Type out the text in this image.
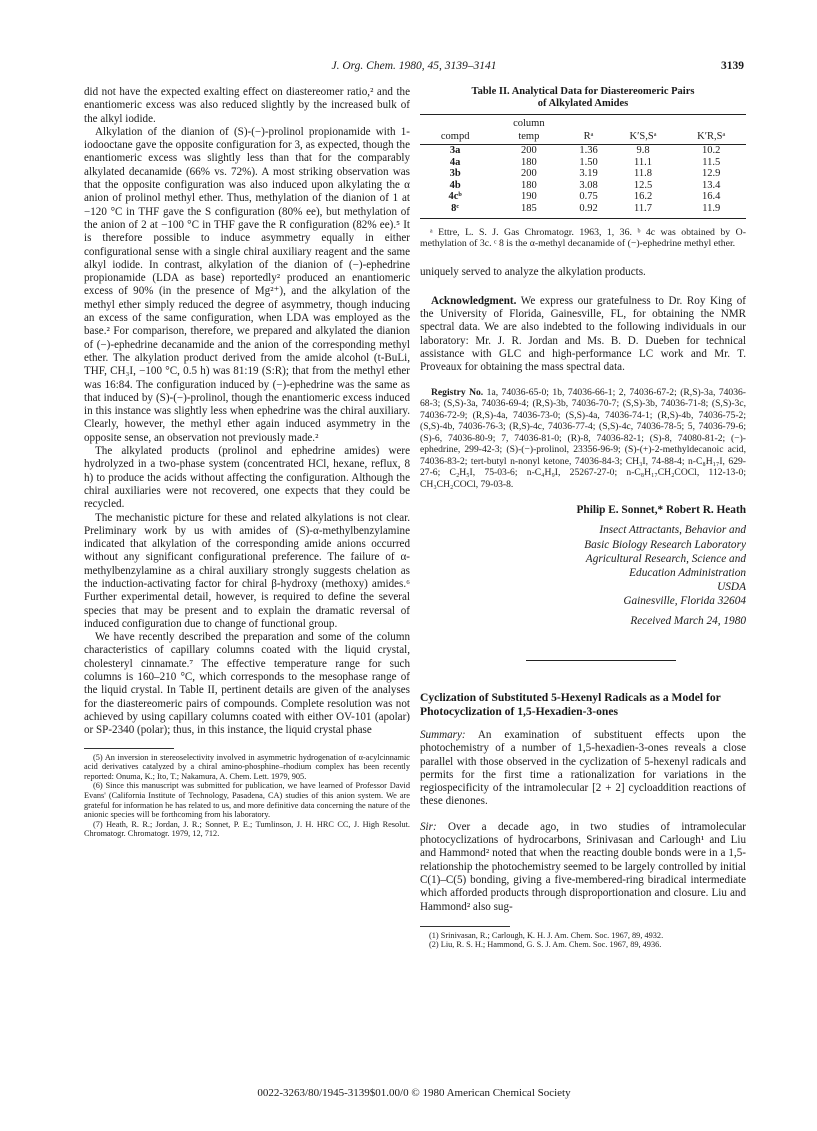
J. Org. Chem. 1980, 45, 3139–3141	3139

did not have the expected exalting effect on diastereomer ratio,² and the enantiomeric excess was also reduced slightly by the increased bulk of the alkyl iodide.

Alkylation of the dianion of (S)-(−)-prolinol propionamide with 1-iodooctane gave the opposite configuration for 3, as expected, though the enantiomeric excess was slightly less than that for the comparably alkylated decanamide (66% vs. 72%). A most striking observation was that the opposite configuration was also induced upon alkylating the α anion of prolinol methyl ether. Thus, methylation of the dianion of 1 at −120 °C in THF gave the S configuration (80% ee), but methylation of the anion of 2 at −100 °C in THF gave the R configuration (82% ee).⁵ It is therefore possible to induce asymmetry equally in either configurational sense with a single chiral auxiliary reagent and the same alkyl iodide. In contrast, alkylation of the dianion of (−)-ephedrine propionamide (LDA as base) reportedly² produced an enantiomeric excess of 90% (in the presence of Mg²⁺), and the alkylation of the methyl ether simply reduced the degree of asymmetry, though inducing an excess of the same configuration, when LDA was employed as the base.² For comparison, therefore, we prepared and alkylated the dianion of (−)-ephedrine decanamide and the anion of the corresponding methyl ether. The alkylation product derived from the amide alcohol (t-BuLi, THF, CH₃I, −100 °C, 0.5 h) was 81:19 (S:R); that from the methyl ether was 16:84. The configuration induced by (−)-ephedrine was the same as that induced by (S)-(−)-prolinol, though the enantiomeric excess induced in this instance was slightly less when ephedrine was the chiral auxiliary. Clearly, however, the methyl ether again induced asymmetry in the opposite sense, an observation not previously made.²

The alkylated products (prolinol and ephedrine amides) were hydrolyzed in a two-phase system (concentrated HCl, hexane, reflux, 8 h) to produce the acids without affecting the configuration. Although the chiral auxiliaries were not recovered, one expects that they could be recycled.

The mechanistic picture for these and related alkylations is not clear. Preliminary work by us with amides of (S)-α-methylbenzylamine indicated that alkylation of the corresponding amide anions occurred without any significant configurational preference. The failure of α-methylbenzylamine as a chiral auxiliary strongly suggests chelation as the induction-activating factor for chiral β-hydroxy (methoxy) amides.⁶ Further experimental detail, however, is required to define the several species that may be present and to explain the dramatic reversal of induced configuration due to change of functional group.

We have recently described the preparation and some of the column characteristics of capillary columns coated with the liquid crystal, cholesteryl cinnamate.⁷ The effective temperature range for such columns is 160–210 °C, which corresponds to the mesophase range of the liquid crystal. In Table II, pertinent details are given of the analyses for the diastereomeric pairs of compounds. Complete resolution was not achieved by using capillary columns coated with either OV-101 (apolar) or SP-2340 (polar); thus, in this instance, the liquid crystal phase

(5) An inversion in stereoselectivity involved in asymmetric hydrogenation of α-acylcinnamic acid derivatives catalyzed by a chiral amino-phosphine–rhodium complex has been recently reported: Onuma, K.; Ito, T.; Nakamura, A. Chem. Lett. 1979, 905.

(6) Since this manuscript was submitted for publication, we have learned of Professor David Evans' (California Institute of Technology, Pasadena, CA) studies of this anion system. We are grateful for information he has related to us, and more definitive data concerning the nature of the anionic species will be forthcoming from his laboratory.

(7) Heath, R. R.; Jordan, J. R.; Sonnet, P. E.; Tumlinson, J. H. HRC CC, J. High Resolut. Chromatogr. Chromatogr. 1979, 12, 712.

Table II. Analytical Data for Diastereomeric Pairs
of Alkylated Amides
	column			
compd	temp	Rᵃ	K′S,Sᵃ	K′R,Sᵃ
3a	200	1.36	9.8	10.2
4a	180	1.50	11.1	11.5
3b	200	3.19	11.8	12.9
4b	180	3.08	12.5	13.4
4cᵇ	190	0.75	16.2	16.4
8ᶜ	185	0.92	11.7	11.9

ᵃ Ettre, L. S. J. Gas Chromatogr. 1963, 1, 36. ᵇ 4c was obtained by O-methylation of 3c. ᶜ 8 is the α-methyl decanamide of (−)-ephedrine methyl ether.

uniquely served to analyze the alkylation products.

Acknowledgment. We express our gratefulness to Dr. Roy King of the University of Florida, Gainesville, FL, for obtaining the NMR spectral data. We are also indebted to the following individuals in our laboratory: Mr. J. R. Jordan and Ms. B. D. Dueben for technical assistance with GLC and high-performance LC work and Mr. T. Proveaux for obtaining the mass spectral data.

Registry No. 1a, 74036-65-0; 1b, 74036-66-1; 2, 74036-67-2; (R,S)-3a, 74036-68-3; (S,S)-3a, 74036-69-4; (R,S)-3b, 74036-70-7; (S,S)-3b, 74036-71-8; (S,S)-3c, 74036-72-9; (R,S)-4a, 74036-73-0; (S,S)-4a, 74036-74-1; (R,S)-4b, 74036-75-2; (S,S)-4b, 74036-76-3; (R,S)-4c, 74036-77-4; (S,S)-4c, 74036-78-5; 5, 74036-79-6; (S)-6, 74036-80-9; 7, 74036-81-0; (R)-8, 74036-82-1; (S)-8, 74080-81-2; (−)-ephedrine, 299-42-3; (S)-(−)-prolinol, 23356-96-9; (S)-(+)-2-methyldecanoic acid, 74036-83-2; tert-butyl n-nonyl ketone, 74036-84-3; CH₃I, 74-88-4; n-C₈H₁₇I, 629-27-6; C₂H₅I, 75-03-6; n-C₄H₉I, 25267-27-0; n-C₈H₁₇CH₂COCl, 112-13-0; CH₃CH₂COCl, 79-03-8.

Philip E. Sonnet,* Robert R. Heath
Insect Attractants, Behavior and
Basic Biology Research Laboratory
Agricultural Research, Science and
Education Administration
USDA
Gainesville, Florida 32604
Received March 24, 1980
Cyclization of Substituted 5-Hexenyl Radicals as a Model for Photocyclization of 1,5-Hexadien-3-ones

Summary: An examination of substituent effects upon the photochemistry of a number of 1,5-hexadien-3-ones reveals a close parallel with those observed in the cyclization of 5-hexenyl radicals and permits for the first time a rationalization for variations in the regiospecificity of the intramolecular [2 + 2] cycloaddition reactions of these dienones.

Sir: Over a decade ago, in two studies of intramolecular photocyclizations of hydrocarbons, Srinivasan and Carlough¹ and Liu and Hammond² noted that when the reacting double bonds were in a 1,5-relationship the photochemistry seemed to be largely controlled by initial C(1)–C(5) bonding, giving a five-membered-ring biradical intermediate which afforded products through disproportionation and closure. Liu and Hammond² also sug-

(1) Srinivasan, R.; Carlough, K. H. J. Am. Chem. Soc. 1967, 89, 4932.

(2) Liu, R. S. H.; Hammond, G. S. J. Am. Chem. Soc. 1967, 89, 4936.

0022-3263/80/1945-3139$01.00/0 © 1980 American Chemical Society
